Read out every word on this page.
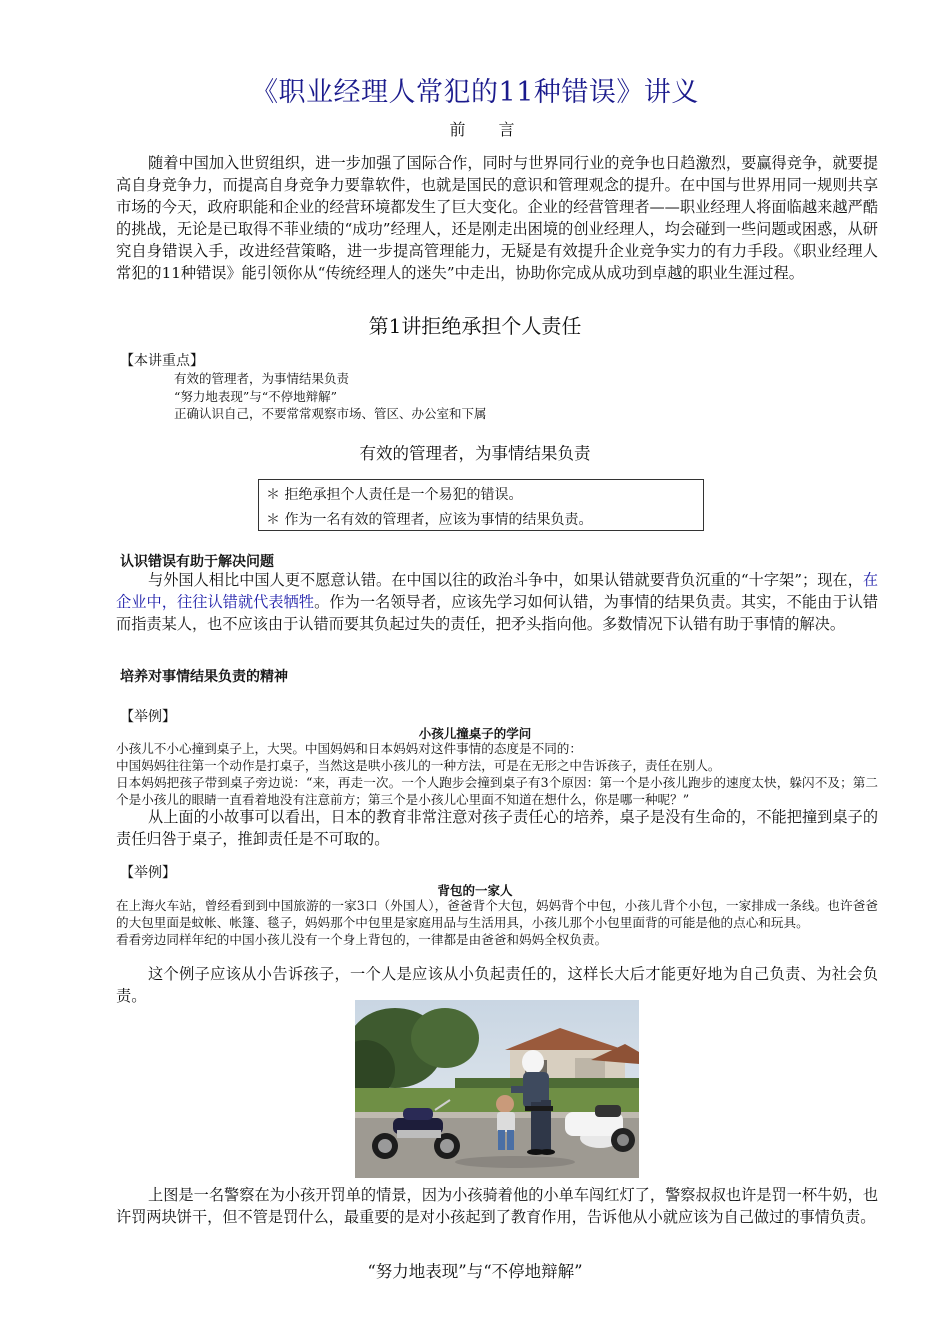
《职业经理人常犯的11种错误》讲义
前 言
随着中国加入世贸组织，进一步加强了国际合作，同时与世界同行业的竞争也日趋激烈，要赢得竞争，就要提高自身竞争力，而提高自身竞争力要靠软件，也就是国民的意识和管理观念的提升。在中国与世界用同一规则共享市场的今天，政府职能和企业的经营环境都发生了巨大变化。企业的经营管理者——职业经理人将面临越来越严酷的挑战，无论是已取得不菲业绩的“成功”经理人，还是刚走出困境的创业经理人，均会碰到一些问题或困惑，从研究自身错误入手，改进经营策略，进一步提高管理能力，无疑是有效提升企业竞争实力的有力手段。《职业经理人常犯的11种错误》能引领你从“传统经理人的迷失”中走出，协助你完成从成功到卓越的职业生涯过程。
第1讲拒绝承担个人责任
【本讲重点】
有效的管理者，为事情结果负责
“努力地表现”与“不停地辩解”
正确认识自己，不要常常观察市场、管区、办公室和下属
有效的管理者，为事情结果负责
＊ 拒绝承担个人责任是一个易犯的错误。
＊ 作为一名有效的管理者，应该为事情的结果负责。
认识错误有助于解决问题
与外国人相比中国人更不愿意认错。在中国以往的政治斗争中，如果认错就要背负沉重的“十字架”；现在，在企业中，往往认错就代表牺牲。作为一名领导者，应该先学习如何认错，为事情的结果负责。其实，不能由于认错而指责某人，也不应该由于认错而要其负起过失的责任，把矛头指向他。多数情况下认错有助于事情的解决。
培养对事情结果负责的精神
【举例】
小孩儿撞桌子的学问
小孩儿不小心撞到桌子上，大哭。中国妈妈和日本妈妈对这件事情的态度是不同的：
中国妈妈往往第一个动作是打桌子，当然这是哄小孩儿的一种方法，可是在无形之中告诉孩子，责任在别人。
日本妈妈把孩子带到桌子旁边说：“来，再走一次。一个人跑步会撞到桌子有3个原因：第一个是小孩儿跑步的速度太快，躲闪不及；第二个是小孩儿的眼睛一直看着地没有注意前方；第三个是小孩儿心里面不知道在想什么，你是哪一种呢？”
从上面的小故事可以看出，日本的教育非常注意对孩子责任心的培养，桌子是没有生命的，不能把撞到桌子的责任归咎于桌子，推卸责任是不可取的。
【举例】
背包的一家人
在上海火车站，曾经看到到中国旅游的一家3口（外国人），爸爸背个大包，妈妈背个中包，小孩儿背个小包，一家排成一条线。也许爸爸的大包里面是蚊帐、帐篷、毯子，妈妈那个中包里是家庭用品与生活用具，小孩儿那个小包里面背的可能是他的点心和玩具。
看看旁边同样年纪的中国小孩儿没有一个身上背包的，一律都是由爸爸和妈妈全权负责。
这个例子应该从小告诉孩子，一个人是应该从小负起责任的，这样长大后才能更好地为自己负责、为社会负责。
上图是一名警察在为小孩开罚单的情景，因为小孩骑着他的小单车闯红灯了，警察叔叔也许是罚一杯牛奶，也许罚两块饼干，但不管是罚什么，最重要的是对小孩起到了教育作用，告诉他从小就应该为自己做过的事情负责。
“努力地表现”与“不停地辩解”
